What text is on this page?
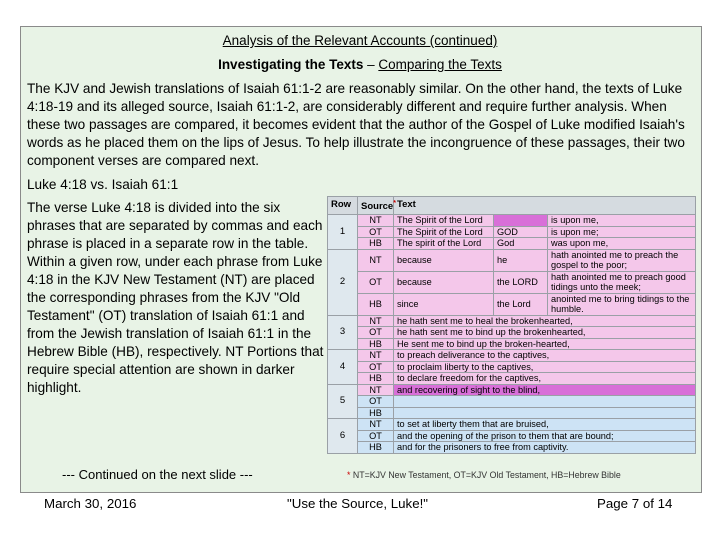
Analysis of the Relevant Accounts (continued)
Investigating the Texts – Comparing the Texts
The KJV and Jewish translations of Isaiah 61:1-2 are reasonably similar. On the other hand, the texts of Luke 4:18-19 and its alleged source, Isaiah 61:1-2, are considerably different and require further analysis. When these two passages are compared, it becomes evident that the author of the Gospel of Luke modified Isaiah's words as he placed them on the lips of Jesus. To help illustrate the incongruence of these passages, their two component verses are compared next.
Luke 4:18 vs. Isaiah 61:1
The verse Luke 4:18 is divided into the six phrases that are separated by commas and each phrase is placed in a separate row in the table. Within a given row, under each phrase from Luke 4:18 in the KJV New Testament (NT) are placed the corresponding phrases from the KJV "Old Testament" (OT) translation of Isaiah 61:1 and from the Jewish translation of Isaiah 61:1 in the Hebrew Bible (HB), respectively. NT Portions that require special attention are shown in darker highlight.
Row	Source*	Text		
1	NT	The Spirit of the Lord		is upon me,
	OT	The Spirit of the Lord	GOD	is upon me;
	HB	The spirit of the Lord	God	was upon me,
2	NT	because	he	hath anointed me to preach the gospel to the poor;
	OT	because	the LORD	hath anointed me to preach good tidings unto the meek;
	HB	since	the Lord	anointed me to bring tidings to the humble.
3	NT	he hath sent me to heal the brokenhearted,		
	OT	he hath sent me to bind up the brokenhearted,		
	HB	He sent me to bind up the broken-hearted,		
4	NT	to preach deliverance to the captives,		
	OT	to proclaim liberty to the captives,		
	HB	to declare freedom for the captives,		
5	NT	and recovering of sight to the blind,		
	OT			
	HB			
6	NT	to set at liberty them that are bruised,		
	OT	and the opening of the prison to them that are bound;		
	HB	and for the prisoners to free from captivity.		
* NT=KJV New Testament, OT=KJV Old Testament, HB=Hebrew Bible
--- Continued on the next slide ---
March 30, 2016	"Use the Source, Luke!"	Page 7 of 14
